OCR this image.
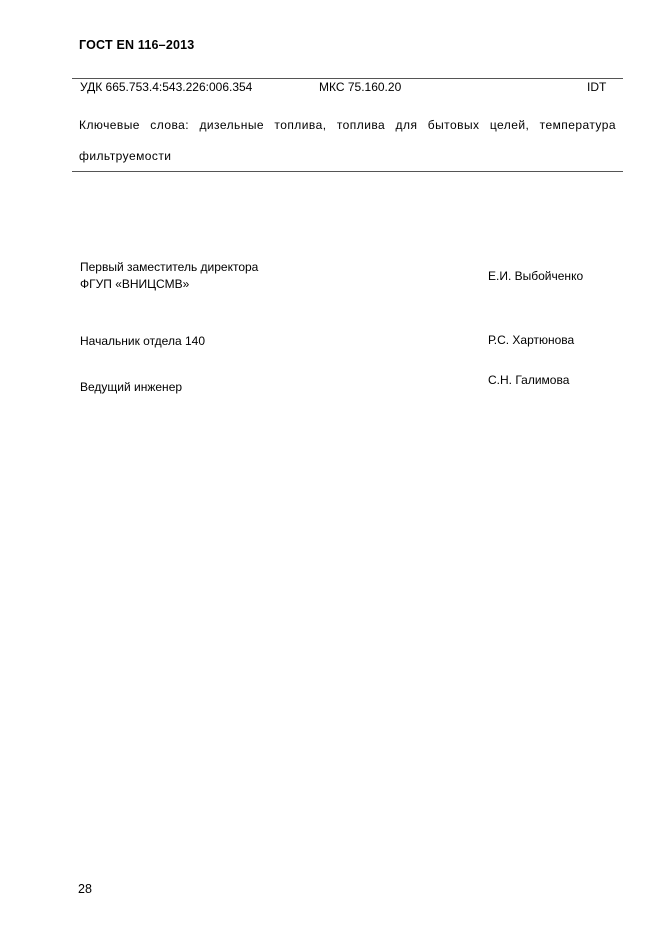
ГОСТ EN 116–2013
УДК 665.753.4:543.226:006.354	МКС 75.160.20	IDT
Ключевые слова: дизельные топлива, топлива для бытовых целей, температура фильтруемости
Первый заместитель директора
ФГУП «ВНИЦСМВ»
Е.И. Выбойченко
Начальник отдела 140	Р.С. Хартюнова
Ведущий инженер	С.Н. Галимова
28
